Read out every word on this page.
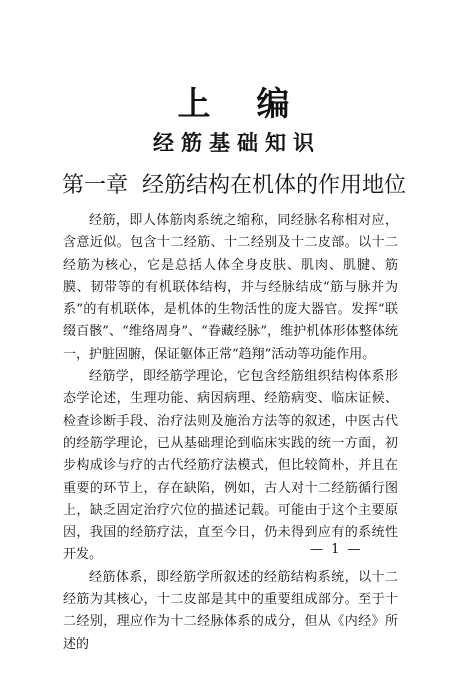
上编
经筋基础知识
第一章 经筋结构在机体的作用地位

经筋，即人体筋肉系统之缩称，同经脉名称相对应，含意近似。包含十二经筋、十二经别及十二皮部。以十二经筋为核心，它是总括人体全身皮肤、肌肉、肌腱、筋膜、韧带等的有机联体结构，并与经脉结成“筋与脉并为系”的有机联体，是机体的生物活性的庞大器官。发挥“联缀百骸”、“维络周身”、“眷藏经脉”，维护机体形体整体统一，护脏固腑，保证躯体正常“趋翔”活动等功能作用。

经筋学，即经筋学理论，它包含经筋组织结构体系形态学论述，生理功能、病因病理、经筋病变、临床证候、检查诊断手段、治疗法则及施治方法等的叙述，中医古代的经筋学理论，已从基础理论到临床实践的统一方面，初步构成诊与疗的古代经筋疗法模式，但比较简朴，并且在重要的环节上，存在缺陷，例如，古人对十二经筋循行图上，缺乏固定治疗穴位的描述记载。可能由于这个主要原因，我国的经筋疗法，直至今日，仍未得到应有的系统性开发。

经筋体系，即经筋学所叙述的经筋结构系统，以十二经筋为其核心，十二皮部是其中的重要组成部分。至于十二经别，理应作为十二经脉体系的成分，但从《内经》所述的

— 1 —
